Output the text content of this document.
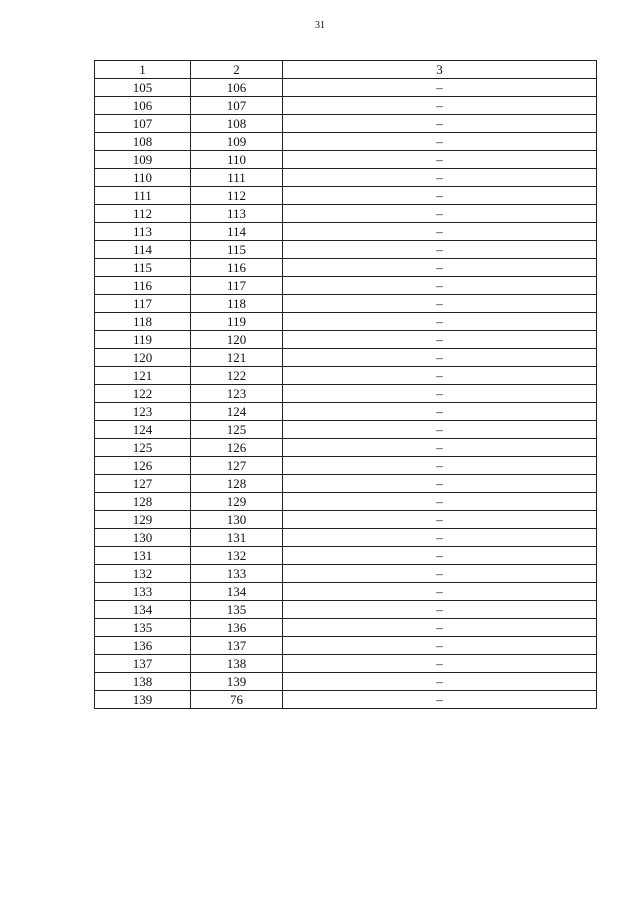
31
1	2	3
105	106	–
106	107	–
107	108	–
108	109	–
109	110	–
110	111	–
111	112	–
112	113	–
113	114	–
114	115	–
115	116	–
116	117	–
117	118	–
118	119	–
119	120	–
120	121	–
121	122	–
122	123	–
123	124	–
124	125	–
125	126	–
126	127	–
127	128	–
128	129	–
129	130	–
130	131	–
131	132	–
132	133	–
133	134	–
134	135	–
135	136	–
136	137	–
137	138	–
138	139	–
139	76	–
